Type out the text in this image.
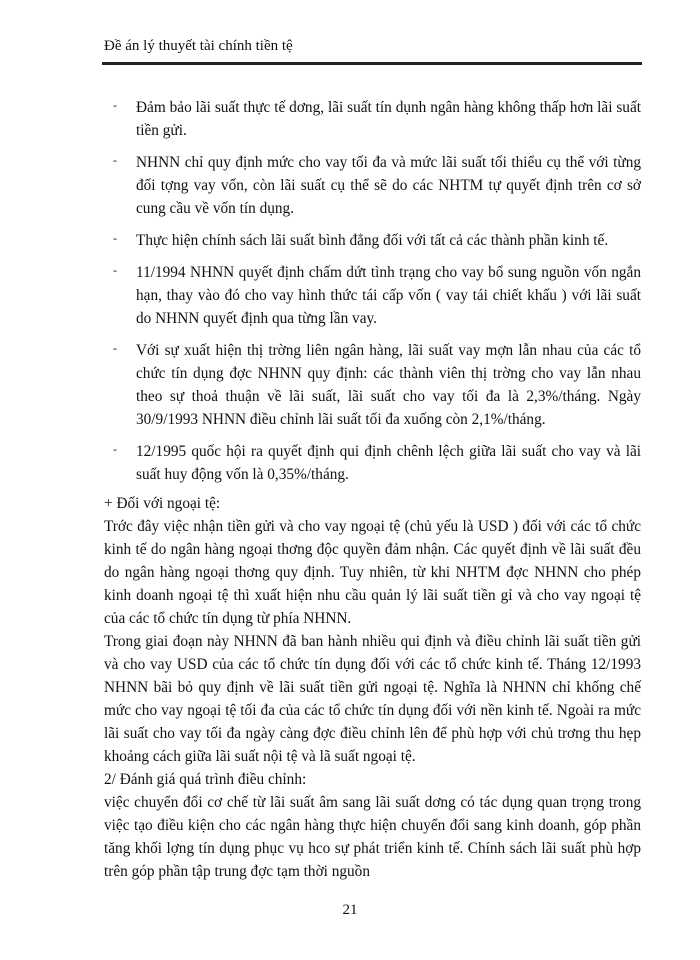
Đề án lý thuyết tài chính tiền tệ
- Đảm bảo lãi suất thực tế dơng, lãi suất tín dụnh ngân hàng không thấp hơn lãi suất tiền gửi.
- NHNN chỉ quy định mức cho vay tối đa và mức lãi suất tối thiểu cụ thể với từng đối tợng vay vốn, còn lãi suất cụ thể sẽ do các NHTM tự quyết định trên cơ sở cung cầu về vốn tín dụng.
- Thực hiện chính sách lãi suất bình đẳng đối với tất cả các thành phần kinh tế.
- 11/1994 NHNN quyết định chấm dứt tình trạng cho vay bổ sung nguồn vốn ngắn hạn, thay vào đó cho vay hình thức tái cấp vốn ( vay tái chiết khấu ) với lãi suất do NHNN quyết định qua từng lần vay.
- Với sự xuất hiện thị trờng liên ngân hàng, lãi suất vay mợn lẫn nhau của các tổ chức tín dụng đợc NHNN quy định: các thành viên thị trờng cho vay lẫn nhau theo sự thoả thuận về lãi suất, lãi suất cho vay tối đa là 2,3%/tháng. Ngày 30/9/1993 NHNN điều chỉnh lãi suất tối đa xuống còn 2,1%/tháng.
- 12/1995 quốc hội ra quyết định qui định chênh lệch giữa lãi suất cho vay và lãi suất huy động vốn là 0,35%/tháng.

+ Đối với ngoại tệ:

Trớc đây việc nhận tiền gửi và cho vay ngoại tệ (chủ yếu là USD ) đối với các tổ chức kinh tế do ngân hàng ngoại thơng độc quyền đảm nhận. Các quyết định về lãi suất đều do ngân hàng ngoại thơng quy định. Tuy nhiên, từ khi NHTM đợc NHNN cho phép kinh doanh ngoại tệ thì xuất hiện nhu cầu quản lý lãi suất tiền gỉ và cho vay ngoại tệ của các tổ chức tín dụng từ phía NHNN.

Trong giai đoạn này NHNN đã ban hành nhiều qui định và điều chỉnh lãi suất tiền gửi và cho vay USD của các tổ chức tín dụng đối với các tổ chức kinh tế. Tháng 12/1993 NHNN bãi bỏ quy định về lãi suất tiền gửi ngoại tệ. Nghĩa là NHNN chỉ khống chế mức cho vay ngoại tệ tối đa của các tổ chức tín dụng đối với nền kinh tế. Ngoài ra mức lãi suất cho vay tối đa ngày càng đợc điều chỉnh lên để phù hợp với chủ trơng thu hẹp khoảng cách giữa lãi suất nội tệ và lã suất ngoại tệ.

2/ Đánh giá quá trình điều chỉnh:

việc chuyển đổi cơ chế từ lãi suất âm sang lãi suất dơng có tác dụng quan trọng trong việc tạo điều kiện cho các ngân hàng thực hiện chuyển đổi sang kinh doanh, góp phần tăng khối lợng tín dụng phục vụ hco sự phát triển kinh tế. Chính sách lãi suất phù hợp trên góp phần tập trung đợc tạm thời nguồn

21
